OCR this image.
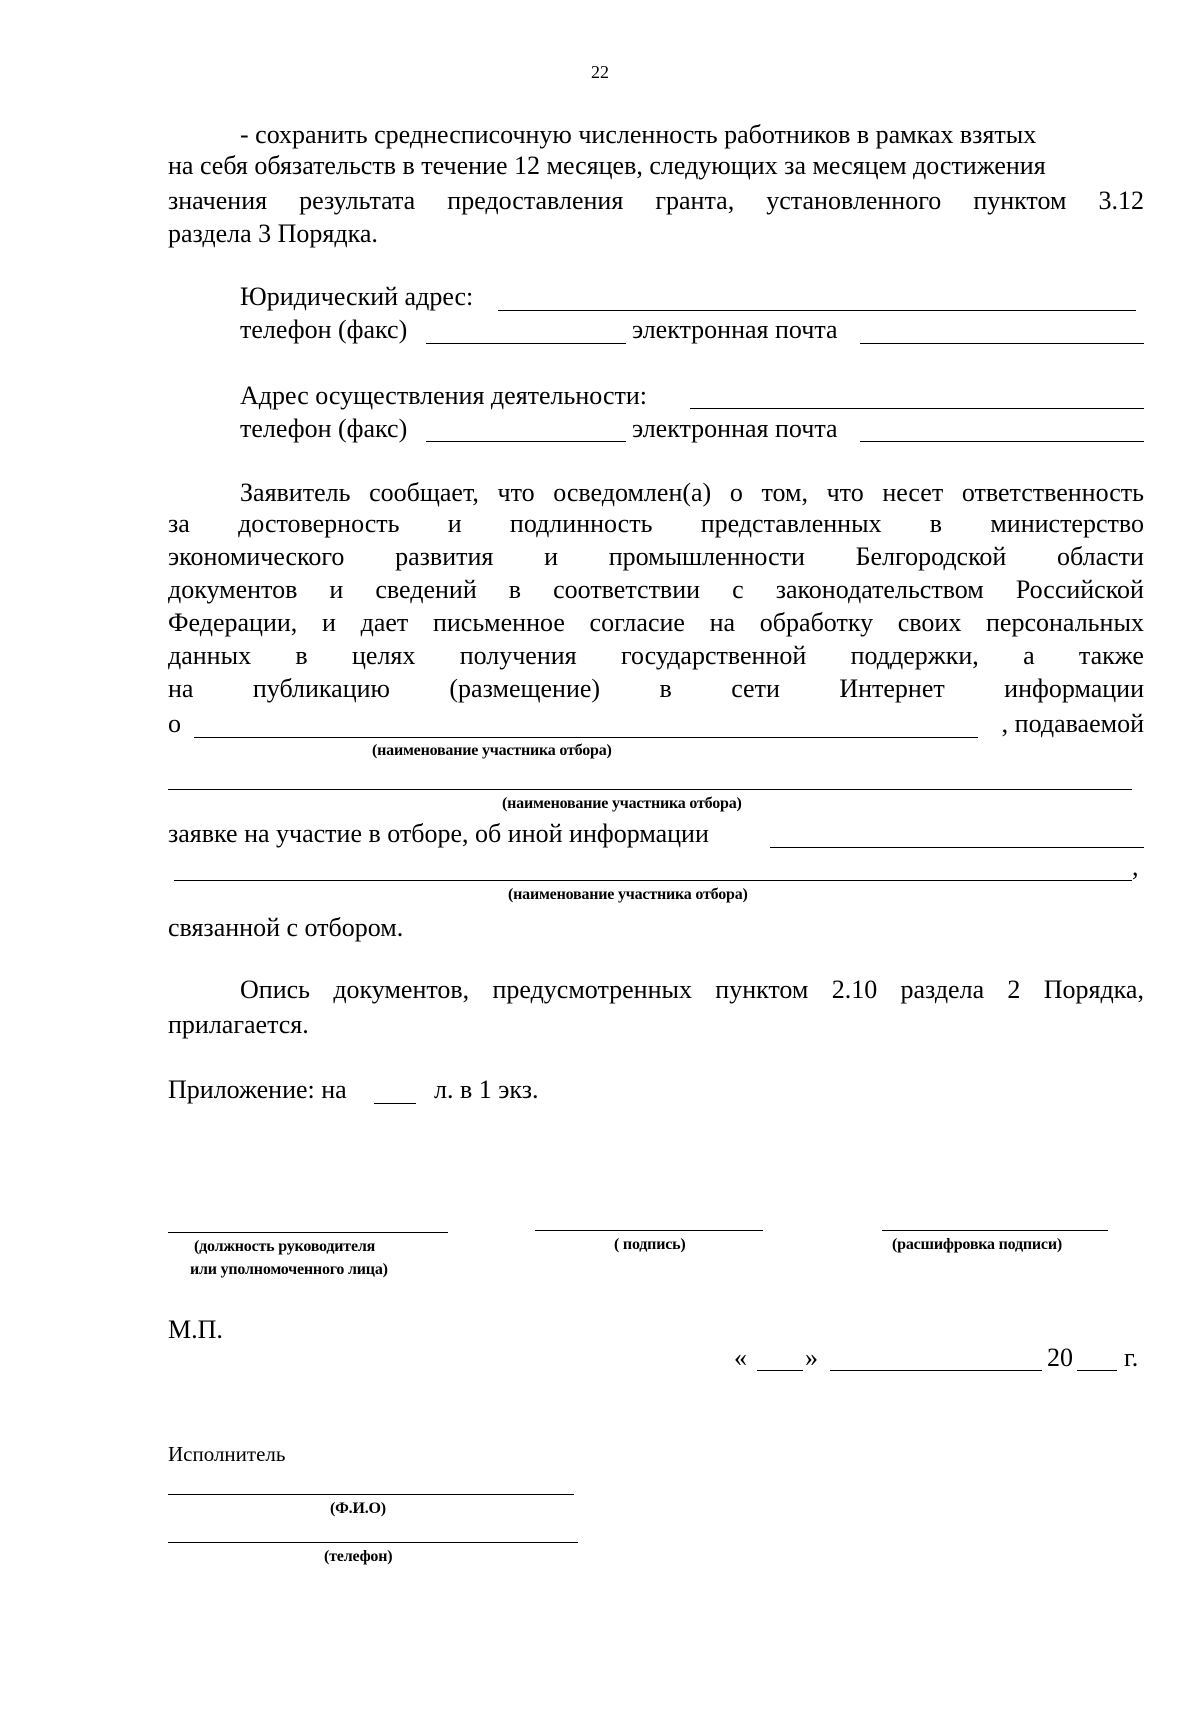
22
- сохранить среднесписочную численность работников в рамках взятых
на себя обязательств в течение 12 месяцев, следующих за месяцем достижения
значения результата предоставления гранта, установленного пунктом 3.12
раздела 3 Порядка.
Юридический адрес:
телефон (факс)	электронная почта
Адрес осуществления деятельности:
телефон (факс)	электронная почта
Заявитель сообщает, что осведомлен(а) о том, что несет ответственность
за достоверность и подлинность представленных в министерство
экономического развития и промышленности Белгородской области
документов и сведений в соответствии с законодательством Российской
Федерации, и дает письменное согласие на обработку своих персональных
данных в целях получения государственной поддержки, а также
на публикацию (размещение) в сети Интернет информации
о	, подаваемой
(наименование участника отбора)
(наименование участника отбора)
заявке на участие в отборе, об иной информации
,
(наименование участника отбора)
связанной с отбором.
Опись документов, предусмотренных пунктом 2.10 раздела 2 Порядка,
прилагается.
Приложение: на	л. в 1 экз.
(должность руководителя
или уполномоченного лица)
( подпись)	(расшифровка подписи)
М.П.
« »	20 г.
Исполнитель
(Ф.И.О)
(телефон)
